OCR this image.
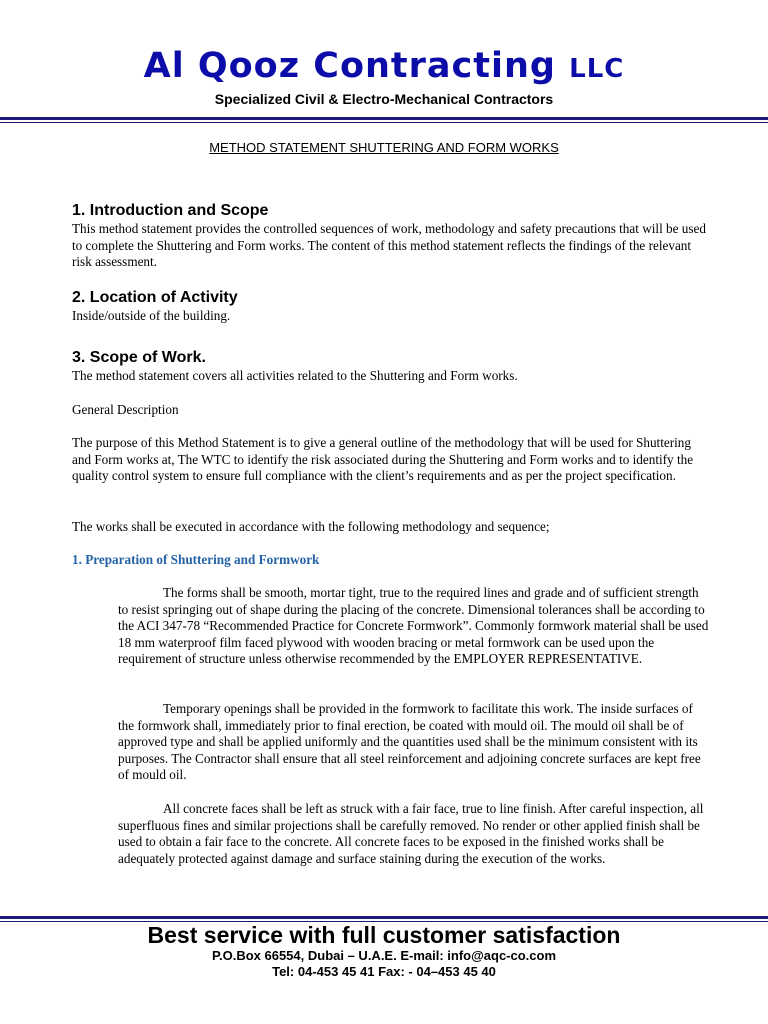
Al Qooz Contracting LLC
Specialized Civil & Electro-Mechanical Contractors
METHOD STATEMENT SHUTTERING AND FORM WORKS
1. Introduction and Scope

This method statement provides the controlled sequences of work, methodology and safety precautions that will be used to complete the Shuttering and Form works. The content of this method statement reflects the findings of the relevant risk assessment.

2. Location of Activity

Inside/outside of the building.

3. Scope of Work.

The method statement covers all activities related to the Shuttering and Form works.

General Description
The purpose of this Method Statement is to give a general outline of the methodology that will be used for Shuttering and Form works at, The WTC to identify the risk associated during the Shuttering and Form works and to identify the quality control system to ensure full compliance with the client’s requirements and as per the project specification.
The works shall be executed in accordance with the following methodology and sequence;
1. Preparation of Shuttering and Formwork

The forms shall be smooth, mortar tight, true to the required lines and grade and of sufficient strength to resist springing out of shape during the placing of the concrete. Dimensional tolerances shall be according to the ACI 347-78 “Recommended Practice for Concrete Formwork”. Commonly formwork material shall be used 18 mm waterproof film faced plywood with wooden bracing or metal formwork can be used upon the requirement of structure unless otherwise recommended by the EMPLOYER REPRESENTATIVE.

Temporary openings shall be provided in the formwork to facilitate this work. The inside surfaces of the formwork shall, immediately prior to final erection, be coated with mould oil. The mould oil shall be of approved type and shall be applied uniformly and the quantities used shall be the minimum consistent with its purposes. The Contractor shall ensure that all steel reinforcement and adjoining concrete surfaces are kept free of mould oil.

All concrete faces shall be left as struck with a fair face, true to line finish. After careful inspection, all superfluous fines and similar projections shall be carefully removed. No render or other applied finish shall be used to obtain a fair face to the concrete. All concrete faces to be exposed in the finished works shall be adequately protected against damage and surface staining during the execution of the works.

Best service with full customer satisfaction
P.O.Box 66554, Dubai – U.A.E. E-mail: info@aqc-co.com
Tel: 04-453 45 41 Fax: - 04–453 45 40
